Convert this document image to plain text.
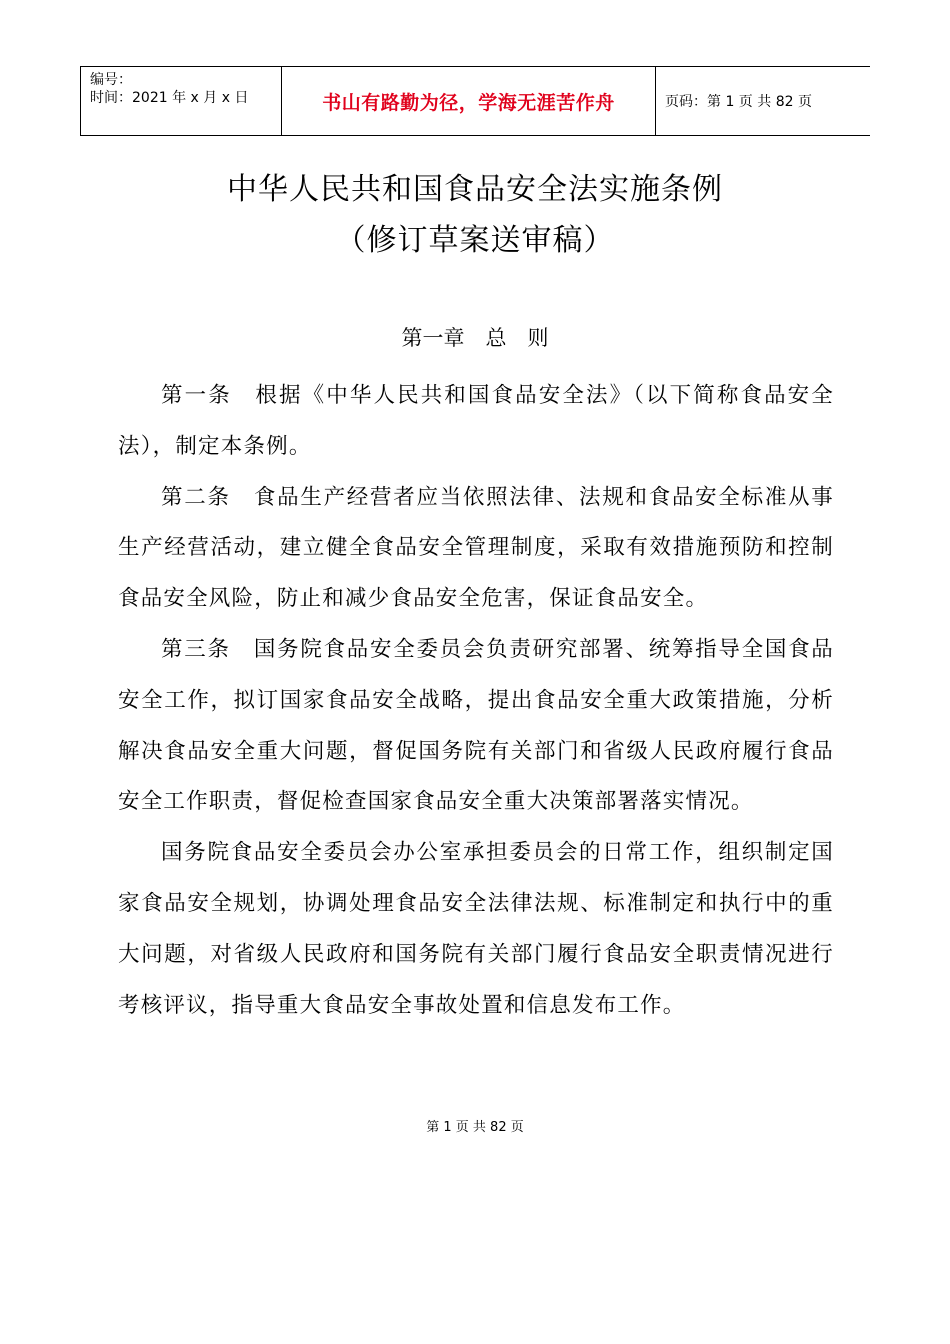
编号：
时间：2021 年 x 月 x 日	书山有路勤为径，学海无涯苦作舟	页码：第 1 页 共 82 页
中华人民共和国食品安全法实施条例
（修订草案送审稿）
第一章　总　则

第一条　根据《中华人民共和国食品安全法》（以下简称食品安全法），制定本条例。

第二条　食品生产经营者应当依照法律、法规和食品安全标准从事生产经营活动，建立健全食品安全管理制度，采取有效措施预防和控制食品安全风险，防止和减少食品安全危害，保证食品安全。

第三条　国务院食品安全委员会负责研究部署、统筹指导全国食品安全工作，拟订国家食品安全战略，提出食品安全重大政策措施，分析解决食品安全重大问题，督促国务院有关部门和省级人民政府履行食品安全工作职责，督促检查国家食品安全重大决策部署落实情况。

国务院食品安全委员会办公室承担委员会的日常工作，组织制定国家食品安全规划，协调处理食品安全法律法规、标准制定和执行中的重大问题，对省级人民政府和国务院有关部门履行食品安全职责情况进行考核评议，指导重大食品安全事故处置和信息发布工作。

第 1 页 共 82 页
